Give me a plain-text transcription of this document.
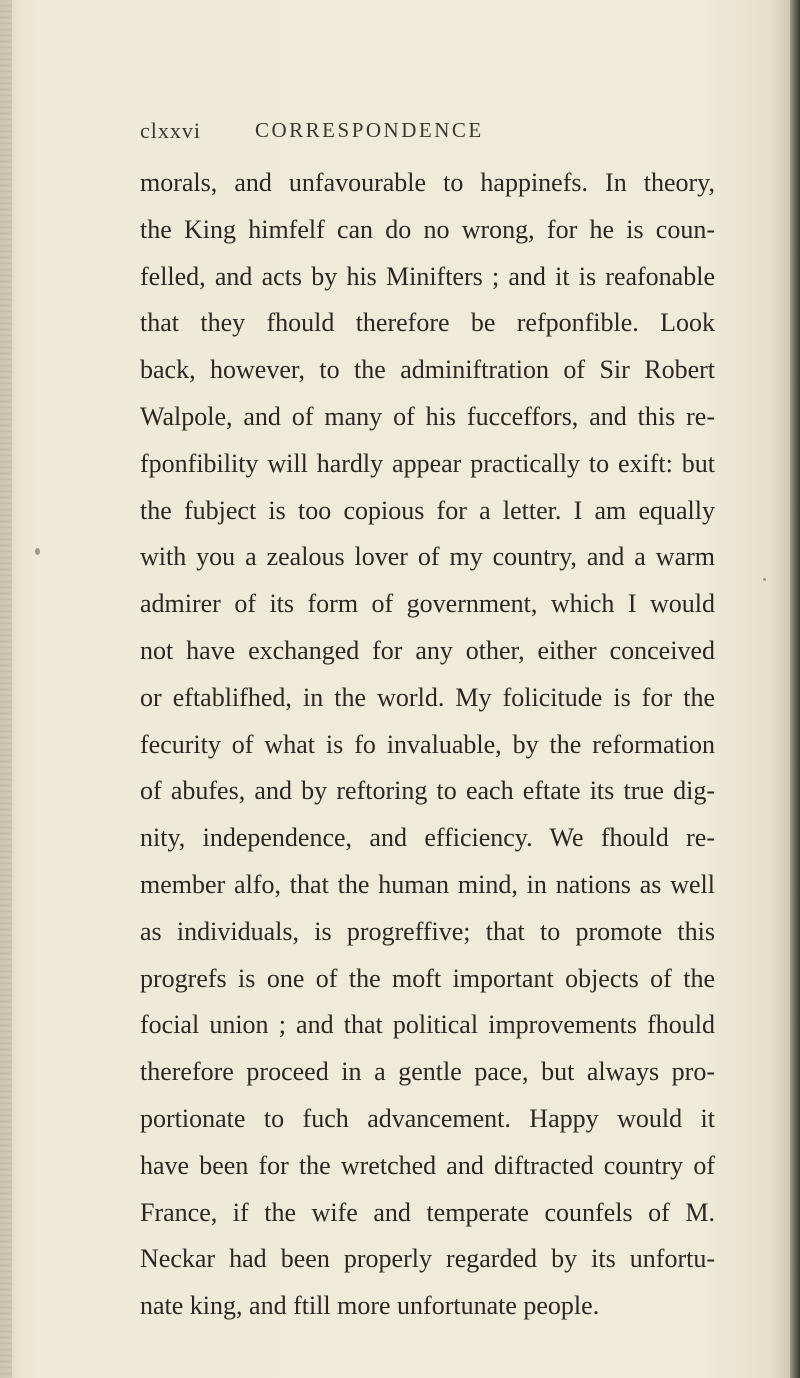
clxxvi	CORRESPONDENCE
morals, and unfavourable to happinefs. In theory,
the King himfelf can do no wrong, for he is coun-
felled, and acts by his Minifters ; and it is reafonable
that they fhould therefore be refponfible. Look
back, however, to the adminiftration of Sir Robert
Walpole, and of many of his fucceffors, and this re-
fponfibility will hardly appear practically to exift: but
the fubject is too copious for a letter. I am equally
with you a zealous lover of my country, and a warm
admirer of its form of government, which I would
not have exchanged for any other, either conceived
or eftablifhed, in the world. My folicitude is for the
fecurity of what is fo invaluable, by the reformation
of abufes, and by reftoring to each eftate its true dig-
nity, independence, and efficiency. We fhould re-
member alfo, that the human mind, in nations as well
as individuals, is progreffive; that to promote this
progrefs is one of the moft important objects of the
focial union ; and that political improvements fhould
therefore proceed in a gentle pace, but always pro-
portionate to fuch advancement. Happy would it
have been for the wretched and diftracted country of
France, if the wife and temperate counfels of M.
Neckar had been properly regarded by its unfortu-
nate king, and ftill more unfortunate people.
